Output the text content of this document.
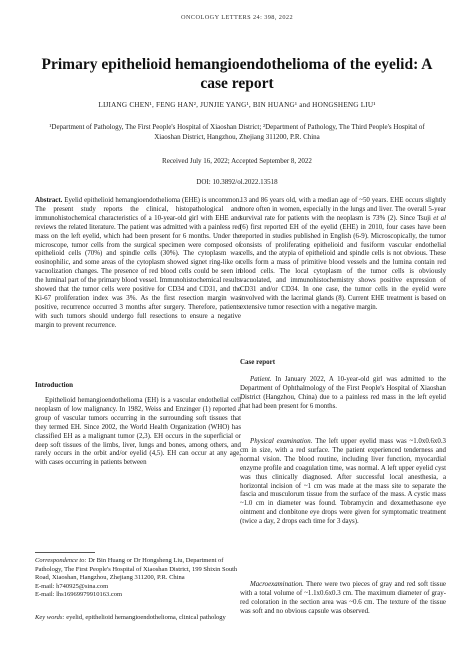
ONCOLOGY LETTERS 24: 398, 2022
Primary epithelioid hemangioendothelioma of the eyelid: A case report
LIJIANG CHEN¹, FENG HAN², JUNJIE YANG¹, BIN HUANG¹ and HONGSHENG LIU¹
¹Department of Pathology, The First People's Hospital of Xiaoshan District; ²Department of Pathology, The Third People's Hospital of Xiaoshan District, Hangzhou, Zhejiang 311200, P.R. China
Received July 16, 2022; Accepted September 8, 2022
DOI: 10.3892/ol.2022.13518

Abstract. Eyelid epithelioid hemangioendothelioma (EHE) is uncommon. The present study reports the clinical, histopathological and immunohistochemical characteristics of a 10-year-old girl with EHE and reviews the related literature. The patient was admitted with a painless red mass on the left eyelid, which had been present for 6 months. Under the microscope, tumor cells from the surgical specimen were composed of epithelioid cells (70%) and spindle cells (30%). The cytoplasm was eosinophilic, and some areas of the cytoplasm showed signet ring-like or vacuolization changes. The presence of red blood cells could be seen in the luminal part of the primary blood vessel. Immunohistochemical results showed that the tumor cells were positive for CD34 and CD31, and the Ki-67 proliferation index was 3%. As the first resection margin was positive, recurrence occurred 3 months after surgery. Therefore, patients with such tumors should undergo full resections to ensure a negative margin to prevent recurrence.

Introduction

Epithelioid hemangioendothelioma (EH) is a vascular endothelial cell neoplasm of low malignancy. In 1982, Weiss and Enzinger (1) reported a group of vascular tumors occurring in the surrounding soft tissues that they termed EH. Since 2002, the World Health Organization (WHO) has classified EH as a malignant tumor (2,3). EH occurs in the superficial or deep soft tissues of the limbs, liver, lungs and bones, among others, and rarely occurs in the orbit and/or eyelid (4,5). EH can occur at any age, with cases occurring in patients between

Correspondence to: Dr Bin Huang or Dr Hongsheng Liu, Department of Pathology, The First People's Hospital of Xiaoshan District, 199 Shixin South Road, Xiaoshan, Hangzhou, Zhejiang 311200, P.R. China
E-mail: h740925@sina.com
E-mail: lhs16969979910163.com
Key words: eyelid, epithelioid hemangioendothelioma, clinical pathology

13 and 86 years old, with a median age of ~50 years. EHE occurs slightly more often in women, especially in the lungs and liver. The overall 5-year survival rate for patients with the neoplasm is 73% (2). Since Tsuji et al (6) first reported EH of the eyelid (EHE) in 2010, four cases have been reported in studies published in English (6-9). Microscopically, the tumor consists of proliferating epithelioid and fusiform vascular endothelial cells, and the atypia of epithelioid and spindle cells is not obvious. These cells form a mass of primitive blood vessels and the lumina contain red blood cells. The local cytoplasm of the tumor cells is obviously vacuolated, and immunohistochemistry shows positive expression of CD31 and/or CD34. In one case, the tumor cells in the eyelid were involved with the lacrimal glands (8). Current EHE treatment is based on extensive tumor resection with a negative margin.

Case report

Patient. In January 2022, A 10-year-old girl was admitted to the Department of Ophthalmology of the First People's Hospital of Xiaoshan District (Hangzhou, China) due to a painless red mass in the left eyelid that had been present for 6 months.

Physical examination. The left upper eyelid mass was ~1.0x0.6x0.3 cm in size, with a red surface. The patient experienced tenderness and normal vision. The blood routine, including liver function, myocardial enzyme profile and coagulation time, was normal. A left upper eyelid cyst was thus clinically diagnosed. After successful local anesthesia, a horizontal incision of ~1 cm was made at the mass site to separate the fascia and musculorum tissue from the surface of the mass. A cystic mass ~1.0 cm in diameter was found. Tobramycin and dexamethasone eye ointment and clonbitone eye drops were given for symptomatic treatment (twice a day, 2 drops each time for 3 days).

Macroexamination. There were two pieces of gray and red soft tissue with a total volume of ~1.1x0.6x0.3 cm. The maximum diameter of gray-red coloration in the section area was ~0.6 cm. The texture of the tissue was soft and no obvious capsule was observed.
